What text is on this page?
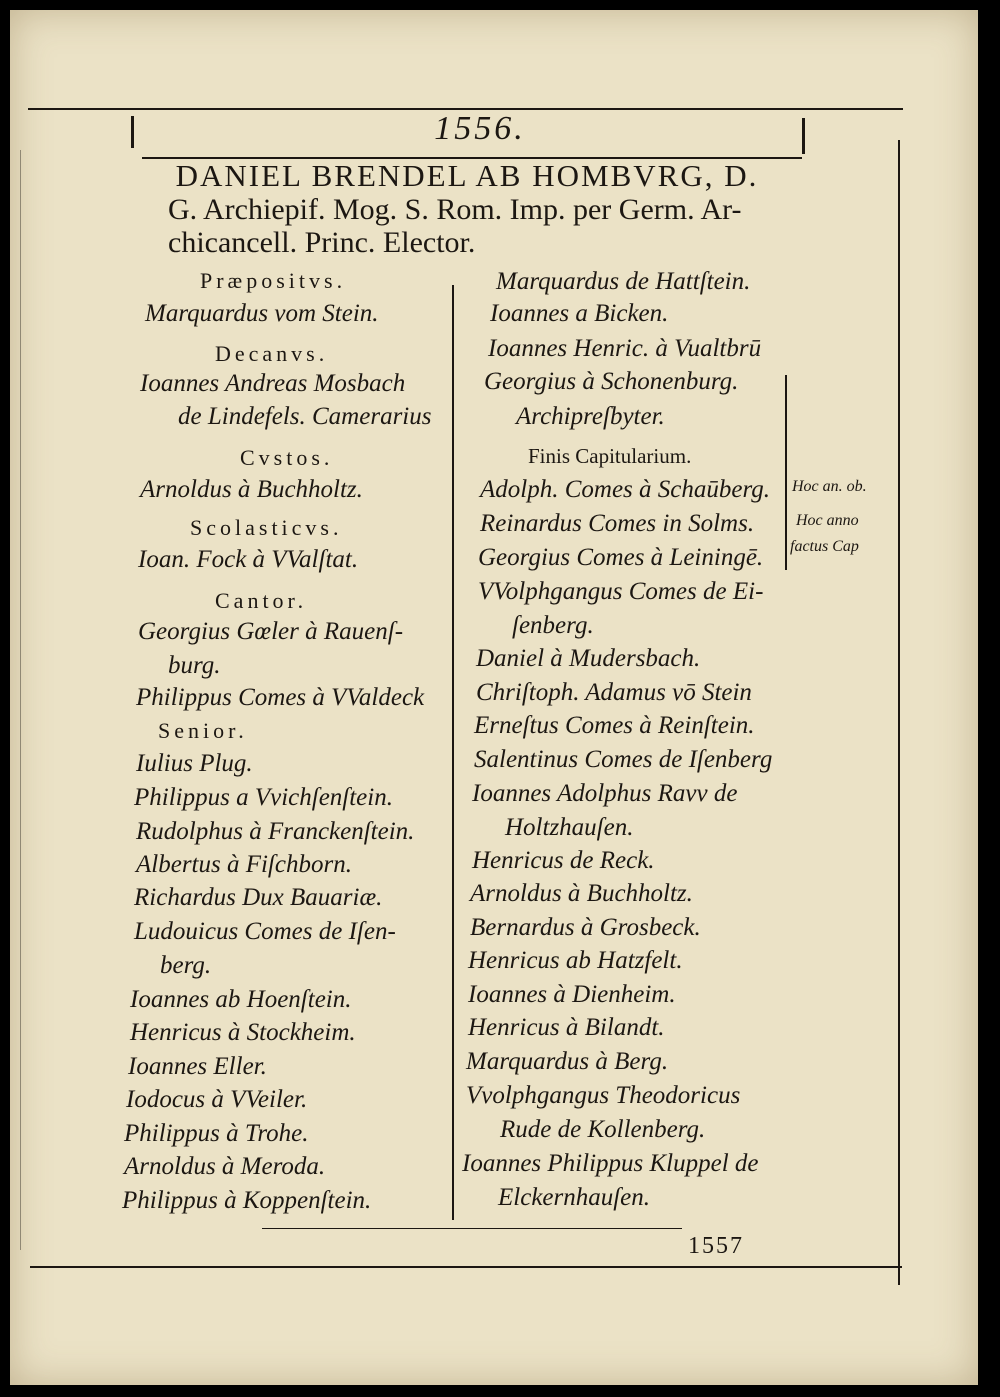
1556.
DANIEL BRENDEL AB HOMBVRG, D.
G. Archiepif. Mog. S. Rom. Imp. per Germ. Ar-
chicancell. Princ. Elector.
Præpositvs.
Marquardus vom Stein.
Decanvs.
Ioannes Andreas Mosbach
de Lindefels. Camerarius
Cvstos.
Arnoldus à Buchholtz.
Scolasticvs.
Ioan. Fock à VValſtat.
Cantor.
Georgius Gœler à Rauenſ-
burg.
Philippus Comes à VValdeck
Senior.
Iulius Plug.
Philippus a Vvichſenſtein.
Rudolphus à Franckenſtein.
Albertus à Fiſchborn.
Richardus Dux Bauariæ.
Ludouicus Comes de Iſen-
berg.
Ioannes ab Hoenſtein.
Henricus à Stockheim.
Ioannes Eller.
Iodocus à VVeiler.
Philippus à Trohe.
Arnoldus à Meroda.
Philippus à Koppenſtein.
Marquardus de Hattſtein.
Ioannes a Bicken.
Ioannes Henric. à Vualtbrū
Georgius à Schonenburg.
Archipreſbyter.
Finis Capitularium.
Adolph. Comes à Schaūberg.
Reinardus Comes in Solms.
Georgius Comes à Leiningē.
VVolphgangus Comes de Ei-
ſenberg.
Daniel à Mudersbach.
Chriſtoph. Adamus vō Stein
Erneſtus Comes à Reinſtein.
Salentinus Comes de Iſenberg
Ioannes Adolphus Ravv de
Holtzhauſen.
Henricus de Reck.
Arnoldus à Buchholtz.
Bernardus à Grosbeck.
Henricus ab Hatzfelt.
Ioannes à Dienheim.
Henricus à Bilandt.
Marquardus à Berg.
Vvolphgangus Theodoricus
Rude de Kollenberg.
Ioannes Philippus Kluppel de
Elckernhauſen.
Hoc an. ob.
Hoc anno
factus Cap
1557
